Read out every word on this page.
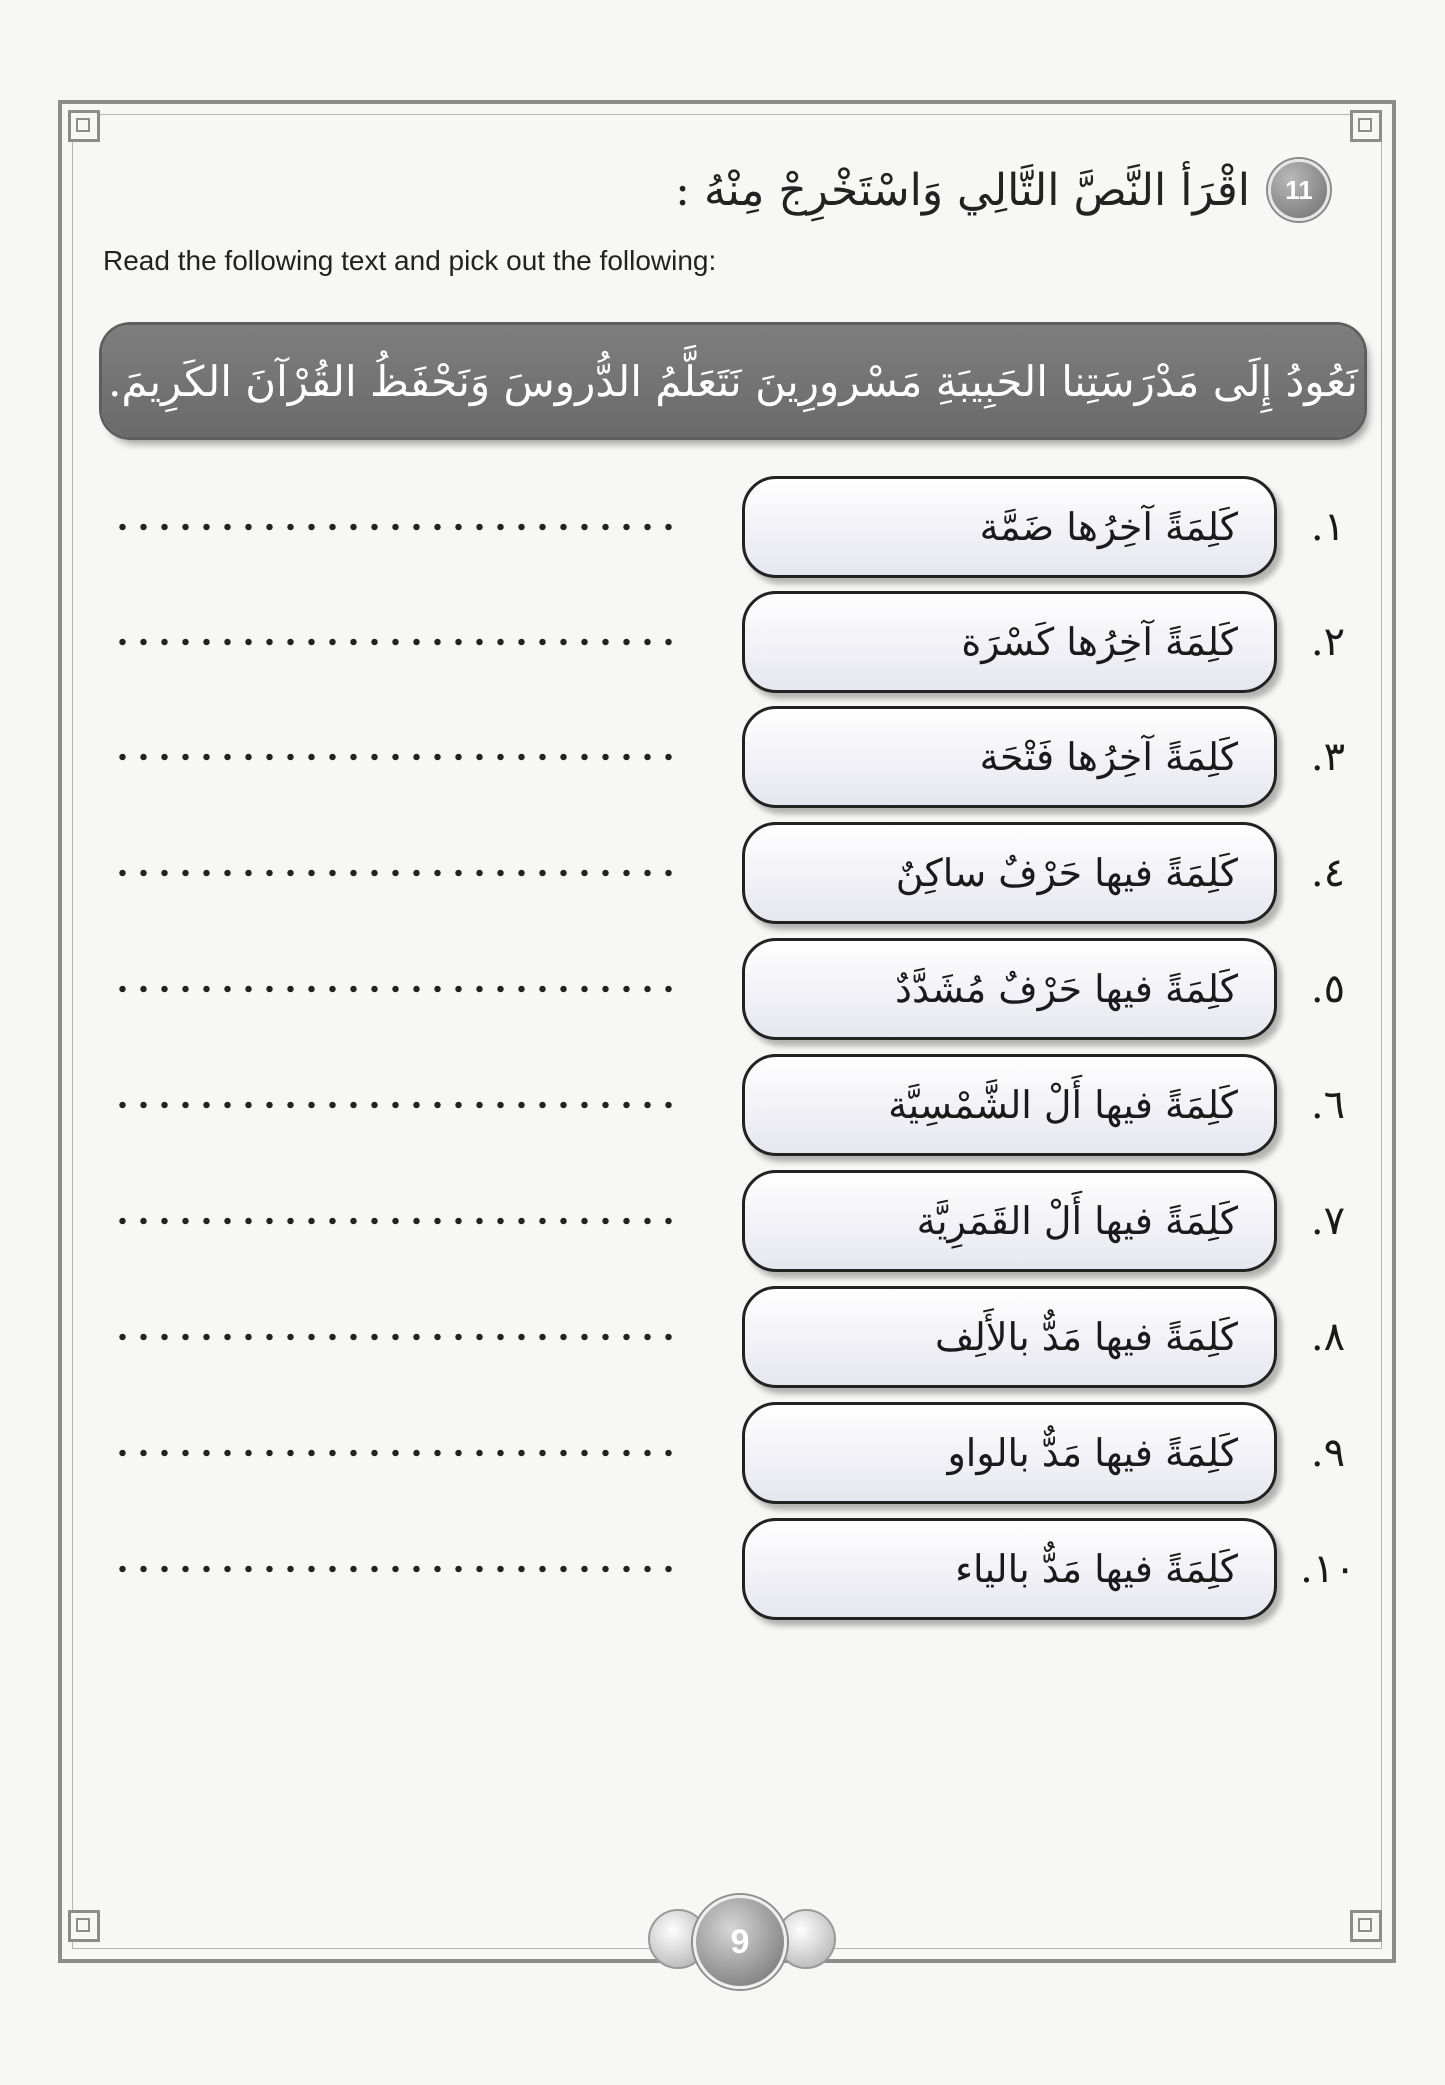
11
اقْرَأ النَّصَّ التَّالِي وَاسْتَخْرِجْ مِنْهُ :
Read the following text and pick out the following:
نَعُودُ إِلَى مَدْرَسَتِنا الحَبِيبَةِ مَسْرورِينَ نَتَعَلَّمُ الدُّروسَ وَنَحْفَظُ القُرْآنَ الكَرِيمَ.
كَلِمَةً آخِرُها ضَمَّة	١.
كَلِمَةً آخِرُها كَسْرَة	٢.
كَلِمَةً آخِرُها فَتْحَة	٣.
كَلِمَةً فيها حَرْفٌ ساكِنٌ	٤.
كَلِمَةً فيها حَرْفٌ مُشَدَّدٌ	٥.
كَلِمَةً فيها أَلْ الشَّمْسِيَّة	٦.
كَلِمَةً فيها أَلْ القَمَرِيَّة	٧.
كَلِمَةً فيها مَدٌّ بالأَلِف	٨.
كَلِمَةً فيها مَدٌّ بالواو	٩.
كَلِمَةً فيها مَدٌّ بالياء ١٠.
9
